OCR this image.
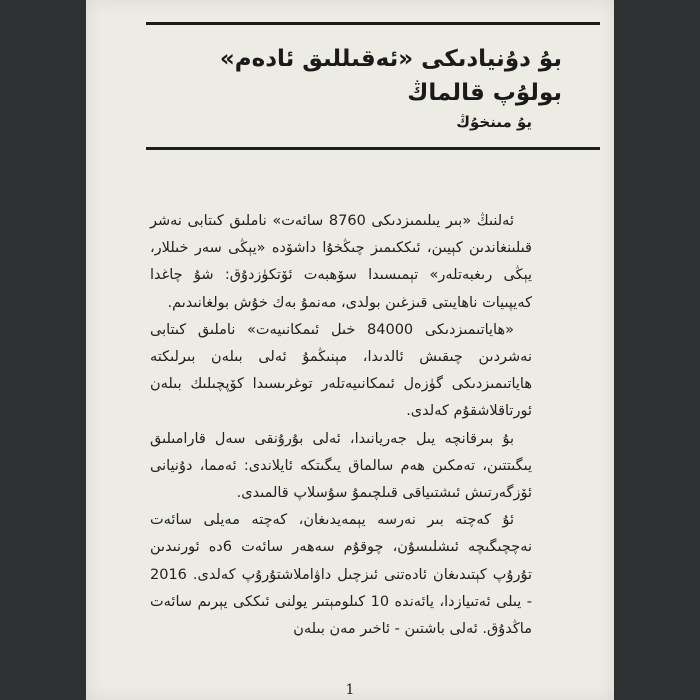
بۇ دۇنيادىكى «ئەقىللىق ئادەم»
بولۇپ قالماڭ

يۇ مىنخۇڭ

ئەلنىڭ «بىر يىلىمىزدىكى 8760 سائەت» ناملىق كىتابى نەشر قىلىنغاندىن كېيىن، ئىككىمىز چىڭخۇا داشۆدە «يېڭى سەر خىللار، يېڭى رىغبەتلەر» تېمىسىدا سۆھبەت ئۆتكۈزدۇق: شۇ چاغدا كەيپىيات ناھايىتى قىزغىن بولدى، مەنمۇ بەك خۇش بولغانىدىم.

«ھاياتىمىزدىكى 84000 خىل ئىمكانىيەت» ناملىق كىتابى نەشردىن چىقىش ئالدىدا، مېنىڭمۇ ئەلى بىلەن بىرلىكتە ھاياتىمىزدىكى گۈزەل ئىمكانىيەتلەر توغرىسىدا كۆپچىلىك بىلەن ئورتاقلاشقۇم كەلدى.

بۇ بىرقانچە يىل جەريانىدا، ئەلى بۇرۇنقى سەل قارامىلىق يىگىتتىن، تەمكىن ھەم سالماق يىگىتكە ئايلاندى: ئەمما، دۇنيانى ئۆزگەرتىش ئىشتىياقى قىلچىمۇ سۇسلاپ قالمىدى.

ئۇ كەچتە بىر نەرسە يېمەيدىغان، كەچتە مەيلى سائەت نەچچىگىچە ئىشلىسۇن، چوقۇم سەھەر سائەت 6دە ئورنىدىن تۇرۇپ كېتىدىغان ئادەتنى ئىزچىل داۋاملاشتۇرۇپ كەلدى. 2016 - يىلى ئەتىيازدا، يائەندە 10 كىلومېتىر يولنى ئىككى يېرىم سائەت ماڭدۇق. ئەلى باشتىن - ئاخىر مەن بىلەن

1
